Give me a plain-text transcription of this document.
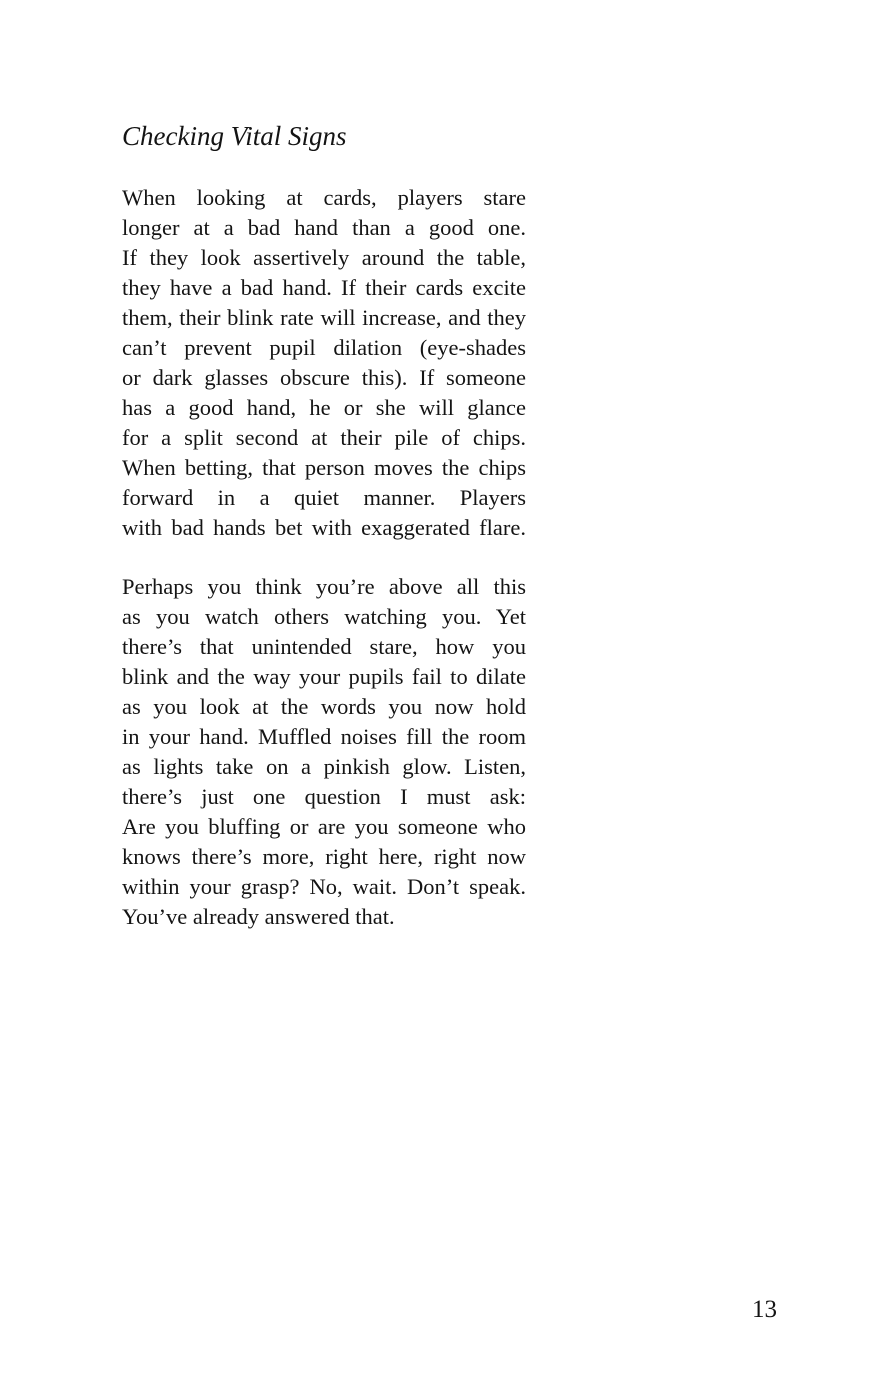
Checking Vital Signs
When looking at cards, players stare
longer at a bad hand than a good one.
If they look assertively around the table,
they have a bad hand. If their cards excite
them, their blink rate will increase, and they
can’t prevent pupil dilation (eye-shades
or dark glasses obscure this). If someone
has a good hand, he or she will glance
for a split second at their pile of chips.
When betting, that person moves the chips
forward in a quiet manner. Players
with bad hands bet with exaggerated flare.
Perhaps you think you’re above all this
as you watch others watching you. Yet
there’s that unintended stare, how you
blink and the way your pupils fail to dilate
as you look at the words you now hold
in your hand. Muffled noises fill the room
as lights take on a pinkish glow. Listen,
there’s just one question I must ask:
Are you bluffing or are you someone who
knows there’s more, right here, right now
within your grasp? No, wait. Don’t speak.
You’ve already answered that.
13
